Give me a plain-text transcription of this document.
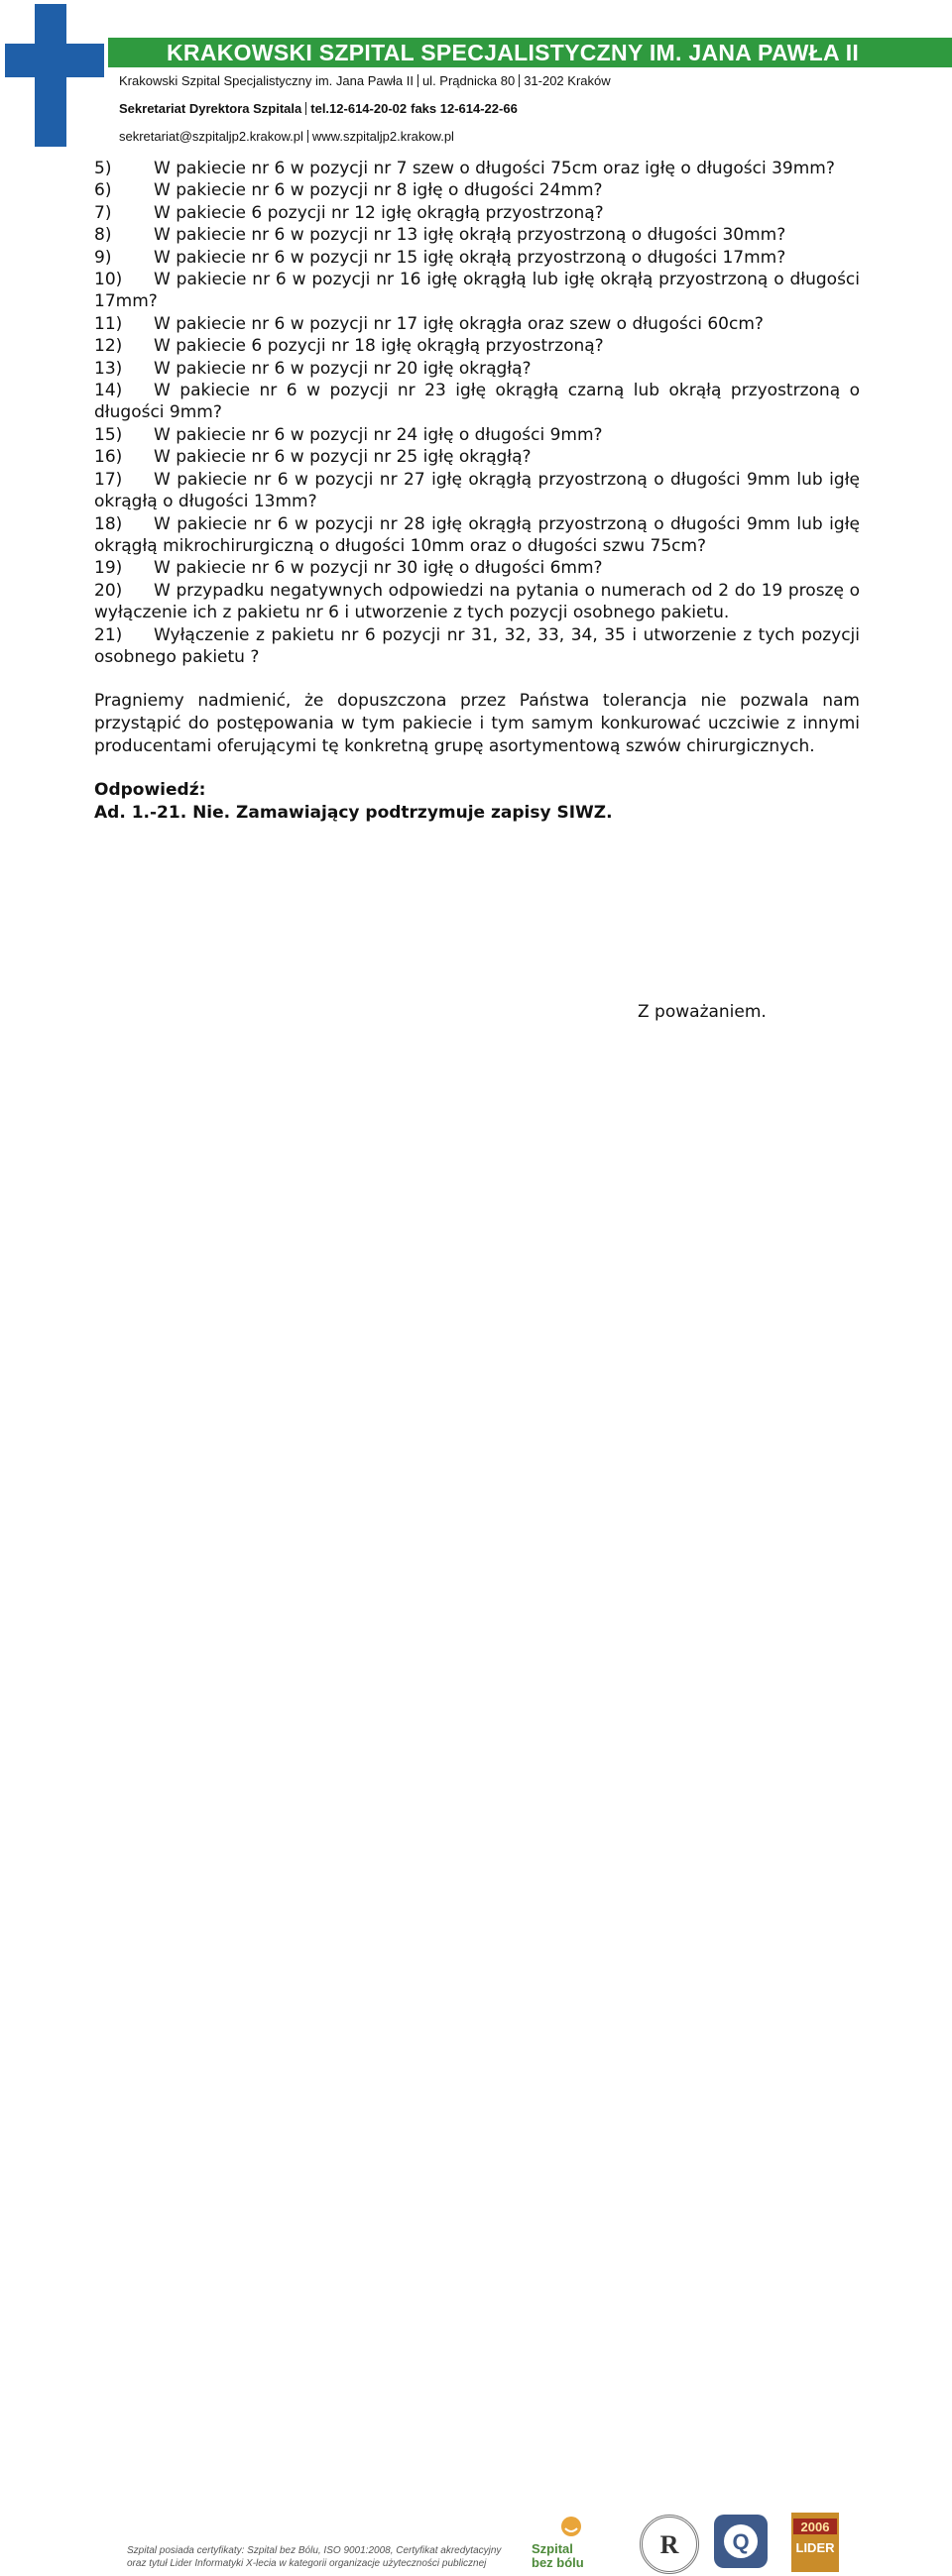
KRAKOWSKI SZPITAL SPECJALISTYCZNY IM. JANA PAWŁA II
Krakowski Szpital Specjalistyczny im. Jana Pawła II ul. Prądnicka 80 31-202 Kraków
Sekretariat Dyrektora Szpitala tel.12-614-20-02 faks 12-614-22-66
sekretariat@szpitaljp2.krakow.pl www.szpitaljp2.krakow.pl
5)	W pakiecie nr 6 w pozycji nr 7 szew o długości 75cm oraz igłę o długości 39mm?
6)	W pakiecie nr 6 w pozycji nr 8 igłę o długości 24mm?
7)	W pakiecie 6 pozycji nr 12 igłę okrągłą przyostrzoną?
8)	W pakiecie nr 6 w pozycji nr 13 igłę okrąłą przyostrzoną o długości 30mm?
9)	W pakiecie nr 6 w pozycji nr 15 igłę okrąłą przyostrzoną o długości 17mm?
10) W pakiecie nr 6 w pozycji nr 16 igłę okrągłą lub igłę okrąłą przyostrzoną o długości 17mm?
11) W pakiecie nr 6 w pozycji nr 17 igłę okrągła oraz szew o długości 60cm?
12) W pakiecie 6 pozycji nr 18 igłę okrągłą przyostrzoną?
13) W pakiecie nr 6 w pozycji nr 20 igłę okrągłą?
14) W pakiecie nr 6 w pozycji nr 23 igłę okrągłą czarną lub okrąłą przyostrzoną o długości 9mm?
15) W pakiecie nr 6 w pozycji nr 24 igłę o długości 9mm?
16) W pakiecie nr 6 w pozycji nr 25 igłę okrągłą?
17) W pakiecie nr 6 w pozycji nr 27 igłę okrągłą przyostrzoną o długości 9mm lub igłę okrągłą o długości 13mm?
18) W pakiecie nr 6 w pozycji nr 28 igłę okrągłą przyostrzoną o długości 9mm lub igłę okrągłą mikrochirurgiczną o długości 10mm oraz o długości szwu 75cm?
19) W pakiecie nr 6 w pozycji nr 30 igłę o długości 6mm?
20) W przypadku negatywnych odpowiedzi na pytania o numerach od 2 do 19 proszę o wyłączenie ich z pakietu nr 6 i utworzenie z tych pozycji osobnego pakietu.
21) Wyłączenie z pakietu nr 6 pozycji nr 31, 32, 33, 34, 35 i utworzenie z tych pozycji osobnego pakietu ?
Pragniemy nadmienić, że dopuszczona przez Państwa tolerancja nie pozwala nam przystąpić do postępowania w tym pakiecie i tym samym konkurować uczciwie z innymi producentami oferującymi tę konkretną grupę asortymentową szwów chirurgicznych.
Odpowiedź:
Ad. 1.-21. Nie. Zamawiający podtrzymuje zapisy SIWZ.
Z poważaniem.
Szpital posiada certyfikaty: Szpital bez Bólu, ISO 9001:2008, Certyfikat akredytacyjny
oraz tytuł Lider Informatyki X-lecia w kategorii organizacje użyteczności publicznej
Szpital
bez bólu
R Q
2006
LIDER
